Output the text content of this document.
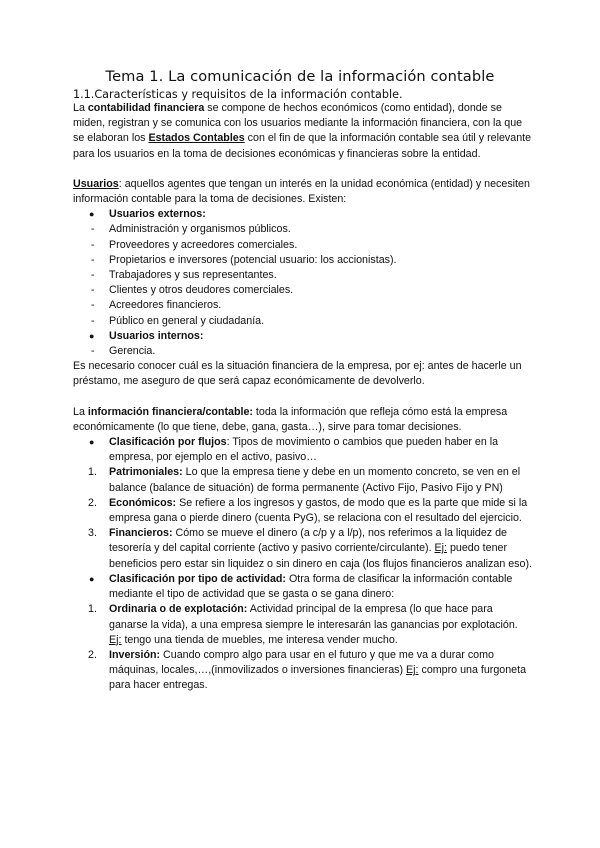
Tema 1. La comunicación de la información contable
1.1.Características y requisitos de la información contable.

La contabilidad financiera se compone de hechos económicos (como entidad), donde se miden, registran y se comunica con los usuarios mediante la información financiera, con la que se elaboran los Estados Contables con el fin de que la información contable sea útil y relevante para los usuarios en la toma de decisiones económicas y financieras sobre la entidad.

Usuarios: aquellos agentes que tengan un interés en la unidad económica (entidad) y necesiten información contable para la toma de decisiones. Existen:

● Usuarios externos:
- Administración y organismos públicos.
- Proveedores y acreedores comerciales.
- Propietarios e inversores (potencial usuario: los accionistas).
- Trabajadores y sus representantes.
- Clientes y otros deudores comerciales.
- Acreedores financieros.
- Público en general y ciudadanía.
● Usuarios internos:
- Gerencia.

Es necesario conocer cuál es la situación financiera de la empresa, por ej: antes de hacerle un préstamo, me aseguro de que será capaz económicamente de devolverlo.

La información financiera/contable: toda la información que refleja cómo está la empresa económicamente (lo que tiene, debe, gana, gasta…), sirve para tomar decisiones.

● Clasificación por flujos: Tipos de movimiento o cambios que pueden haber en la empresa, por ejemplo en el activo, pasivo…
1. Patrimoniales: Lo que la empresa tiene y debe en un momento concreto, se ven en el balance (balance de situación) de forma permanente (Activo Fijo, Pasivo Fijo y PN)
2. Económicos: Se refiere a los ingresos y gastos, de modo que es la parte que mide si la empresa gana o pierde dinero (cuenta PyG), se relaciona con el resultado del ejercicio.
3. Financieros: Cómo se mueve el dinero (a c/p y a l/p), nos referimos a la liquidez de tesorería y del capital corriente (activo y pasivo corriente/circulante). Ej: puedo tener beneficios pero estar sin liquidez o sin dinero en caja (los flujos financieros analizan eso).
● Clasificación por tipo de actividad: Otra forma de clasificar la información contable mediante el tipo de actividad que se gasta o se gana dinero:
1. Ordinaria o de explotación: Actividad principal de la empresa (lo que hace para ganarse la vida), a una empresa siempre le interesarán las ganancias por explotación. Ej: tengo una tienda de muebles, me interesa vender mucho.
2. Inversión: Cuando compro algo para usar en el futuro y que me va a durar como máquinas, locales,…,(inmovilizados o inversiones financieras) Ej: compro una furgoneta para hacer entregas.
